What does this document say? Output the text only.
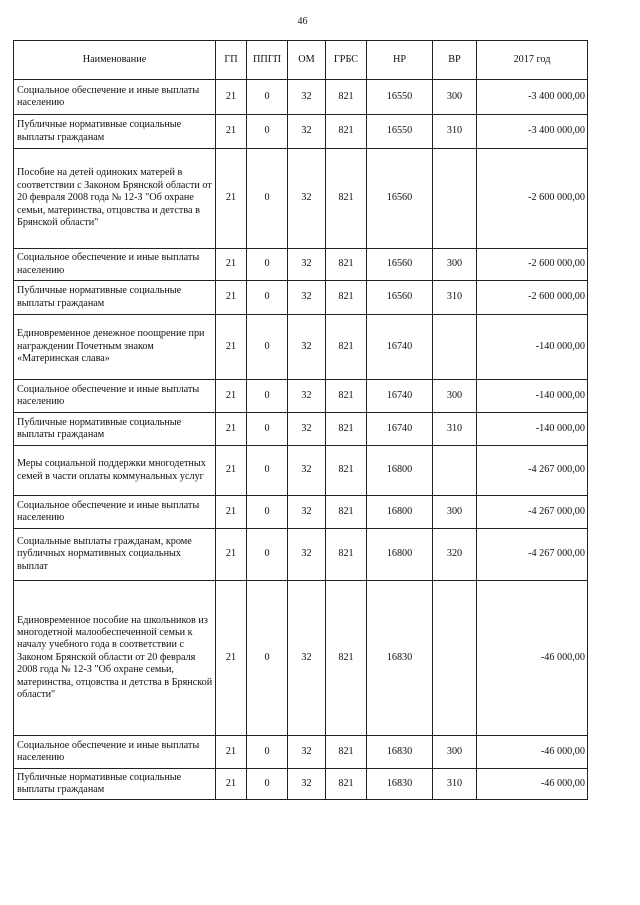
46
Наименование	ГП	ППГП	ОМ	ГРБС	НР	ВР	2017 год
Социальное обеспечение и иные выплаты населению	21	0	32	821	16550	300	-3 400 000,00
Публичные нормативные социальные выплаты гражданам	21	0	32	821	16550	310	-3 400 000,00
Пособие на детей одиноких матерей в соответствии с Законом Брянской области от 20 февраля 2008 года № 12-З "Об охране семьи, материнства, отцовства и детства в Брянской области"	21	0	32	821	16560		-2 600 000,00
Социальное обеспечение и иные выплаты населению	21	0	32	821	16560	300	-2 600 000,00
Публичные нормативные социальные выплаты гражданам	21	0	32	821	16560	310	-2 600 000,00
Единовременное денежное поощрение при награждении Почетным знаком «Материнская слава»	21	0	32	821	16740		-140 000,00
Социальное обеспечение и иные выплаты населению	21	0	32	821	16740	300	-140 000,00
Публичные нормативные социальные выплаты гражданам	21	0	32	821	16740	310	-140 000,00
Меры социальной поддержки многодетных семей в части оплаты коммунальных услуг	21	0	32	821	16800		-4 267 000,00
Социальное обеспечение и иные выплаты населению	21	0	32	821	16800	300	-4 267 000,00
Социальные выплаты гражданам, кроме публичных нормативных социальных выплат	21	0	32	821	16800	320	-4 267 000,00
Единовременное пособие на школьников из многодетной малообеспеченной семьи к началу учебного года в соответствии с Законом Брянской области от 20 февраля 2008 года № 12-З "Об охране семьи, материнства, отцовства и детства в Брянской области"	21	0	32	821	16830		-46 000,00
Социальное обеспечение и иные выплаты населению	21	0	32	821	16830	300	-46 000,00
Публичные нормативные социальные выплаты гражданам	21	0	32	821	16830	310	-46 000,00
